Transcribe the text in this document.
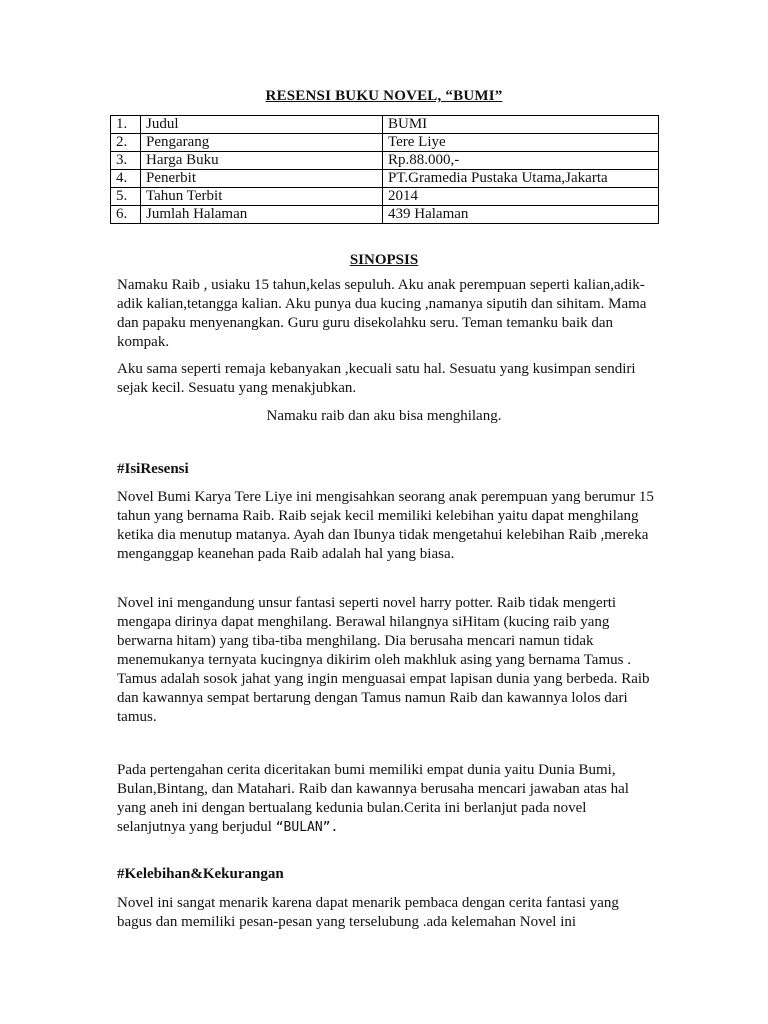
RESENSI BUKU NOVEL, “BUMI”
1.	Judul	BUMI
2.	Pengarang	Tere Liye
3.	Harga Buku	Rp.88.000,-
4.	Penerbit	PT.Gramedia Pustaka Utama,Jakarta
5.	Tahun Terbit	2014
6.	Jumlah Halaman	439 Halaman
SINOPSIS

Namaku Raib , usiaku 15 tahun,kelas sepuluh. Aku anak perempuan seperti kalian,adik-adik kalian,tetangga kalian. Aku punya dua kucing ,namanya siputih dan sihitam. Mama dan papaku menyenangkan. Guru guru disekolahku seru. Teman temanku baik dan kompak.

Aku sama seperti remaja kebanyakan ,kecuali satu hal. Sesuatu yang kusimpan sendiri sejak kecil. Sesuatu yang menakjubkan.

Namaku raib dan aku bisa menghilang.
#IsiResensi

Novel Bumi Karya Tere Liye ini mengisahkan seorang anak perempuan yang berumur 15 tahun yang bernama Raib. Raib sejak kecil memiliki kelebihan yaitu dapat menghilang ketika dia menutup matanya. Ayah dan Ibunya tidak mengetahui kelebihan Raib ,mereka menganggap keanehan pada Raib adalah hal yang biasa.

Novel ini mengandung unsur fantasi seperti novel harry potter. Raib tidak mengerti mengapa dirinya dapat menghilang. Berawal hilangnya siHitam (kucing raib yang berwarna hitam) yang tiba-tiba menghilang. Dia berusaha mencari namun tidak menemukanya ternyata kucingnya dikirim oleh makhluk asing yang bernama Tamus . Tamus adalah sosok jahat yang ingin menguasai empat lapisan dunia yang berbeda. Raib dan kawannya sempat bertarung dengan Tamus namun Raib dan kawannya lolos dari tamus.

Pada pertengahan cerita diceritakan bumi memiliki empat dunia yaitu Dunia Bumi, Bulan,Bintang, dan Matahari. Raib dan kawannya berusaha mencari jawaban atas hal yang aneh ini dengan bertualang kedunia bulan.Cerita ini berlanjut pada novel selanjutnya yang berjudul “BULAN”.

#Kelebihan&Kekurangan

Novel ini sangat menarik karena dapat menarik pembaca dengan cerita fantasi yang bagus dan memiliki pesan-pesan yang terselubung .ada kelemahan Novel ini
